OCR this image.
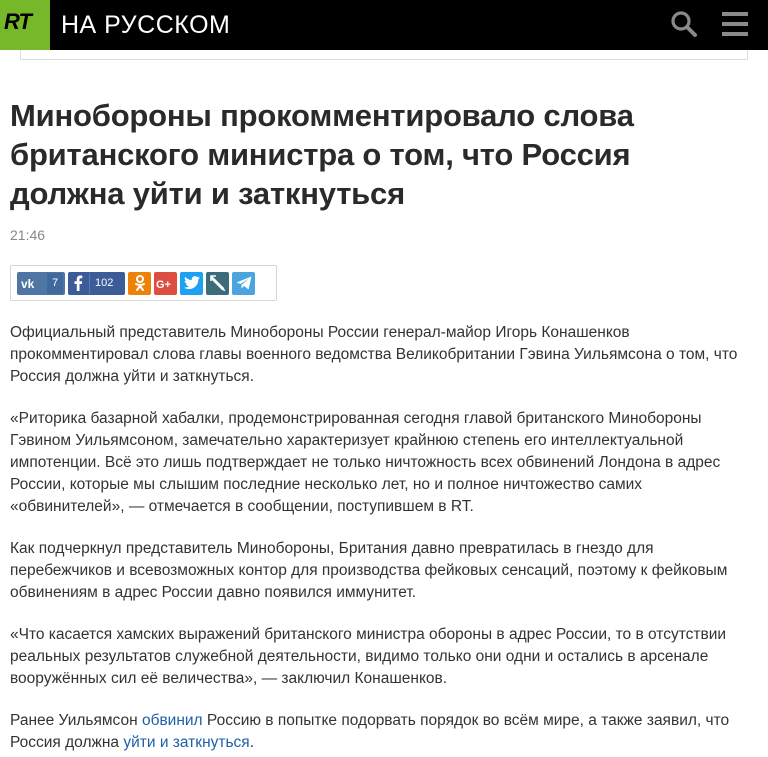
RT НА РУССКОМ
Минобороны прокомментировало слова британского министра о том, что Россия должна уйти и заткнуться
21:46
vk	7	102	G+

Официальный представитель Минобороны России генерал-майор Игорь Конашенков прокомментировал слова главы военного ведомства Великобритании Гэвина Уильямсона о том, что Россия должна уйти и заткнуться.

«Риторика базарной хабалки, продемонстрированная сегодня главой британского Минобороны Гэвином Уильямсоном, замечательно характеризует крайнюю степень его интеллектуальной импотенции. Всё это лишь подтверждает не только ничтожность всех обвинений Лондона в адрес России, которые мы слышим последние несколько лет, но и полное ничтожество самих «обвинителей», — отмечается в сообщении, поступившем в RT.

Как подчеркнул представитель Минобороны, Британия давно превратилась в гнездо для перебежчиков и всевозможных контор для производства фейковых сенсаций, поэтому к фейковым обвинениям в адрес России давно появился иммунитет.

«Что касается хамских выражений британского министра обороны в адрес России, то в отсутствии реальных результатов служебной деятельности, видимо только они одни и остались в арсенале вооружённых сил её величества», — заключил Конашенков.

Ранее Уильямсон обвинил Россию в попытке подорвать порядок во всём мире, а также заявил, что Россия должна уйти и заткнуться.
